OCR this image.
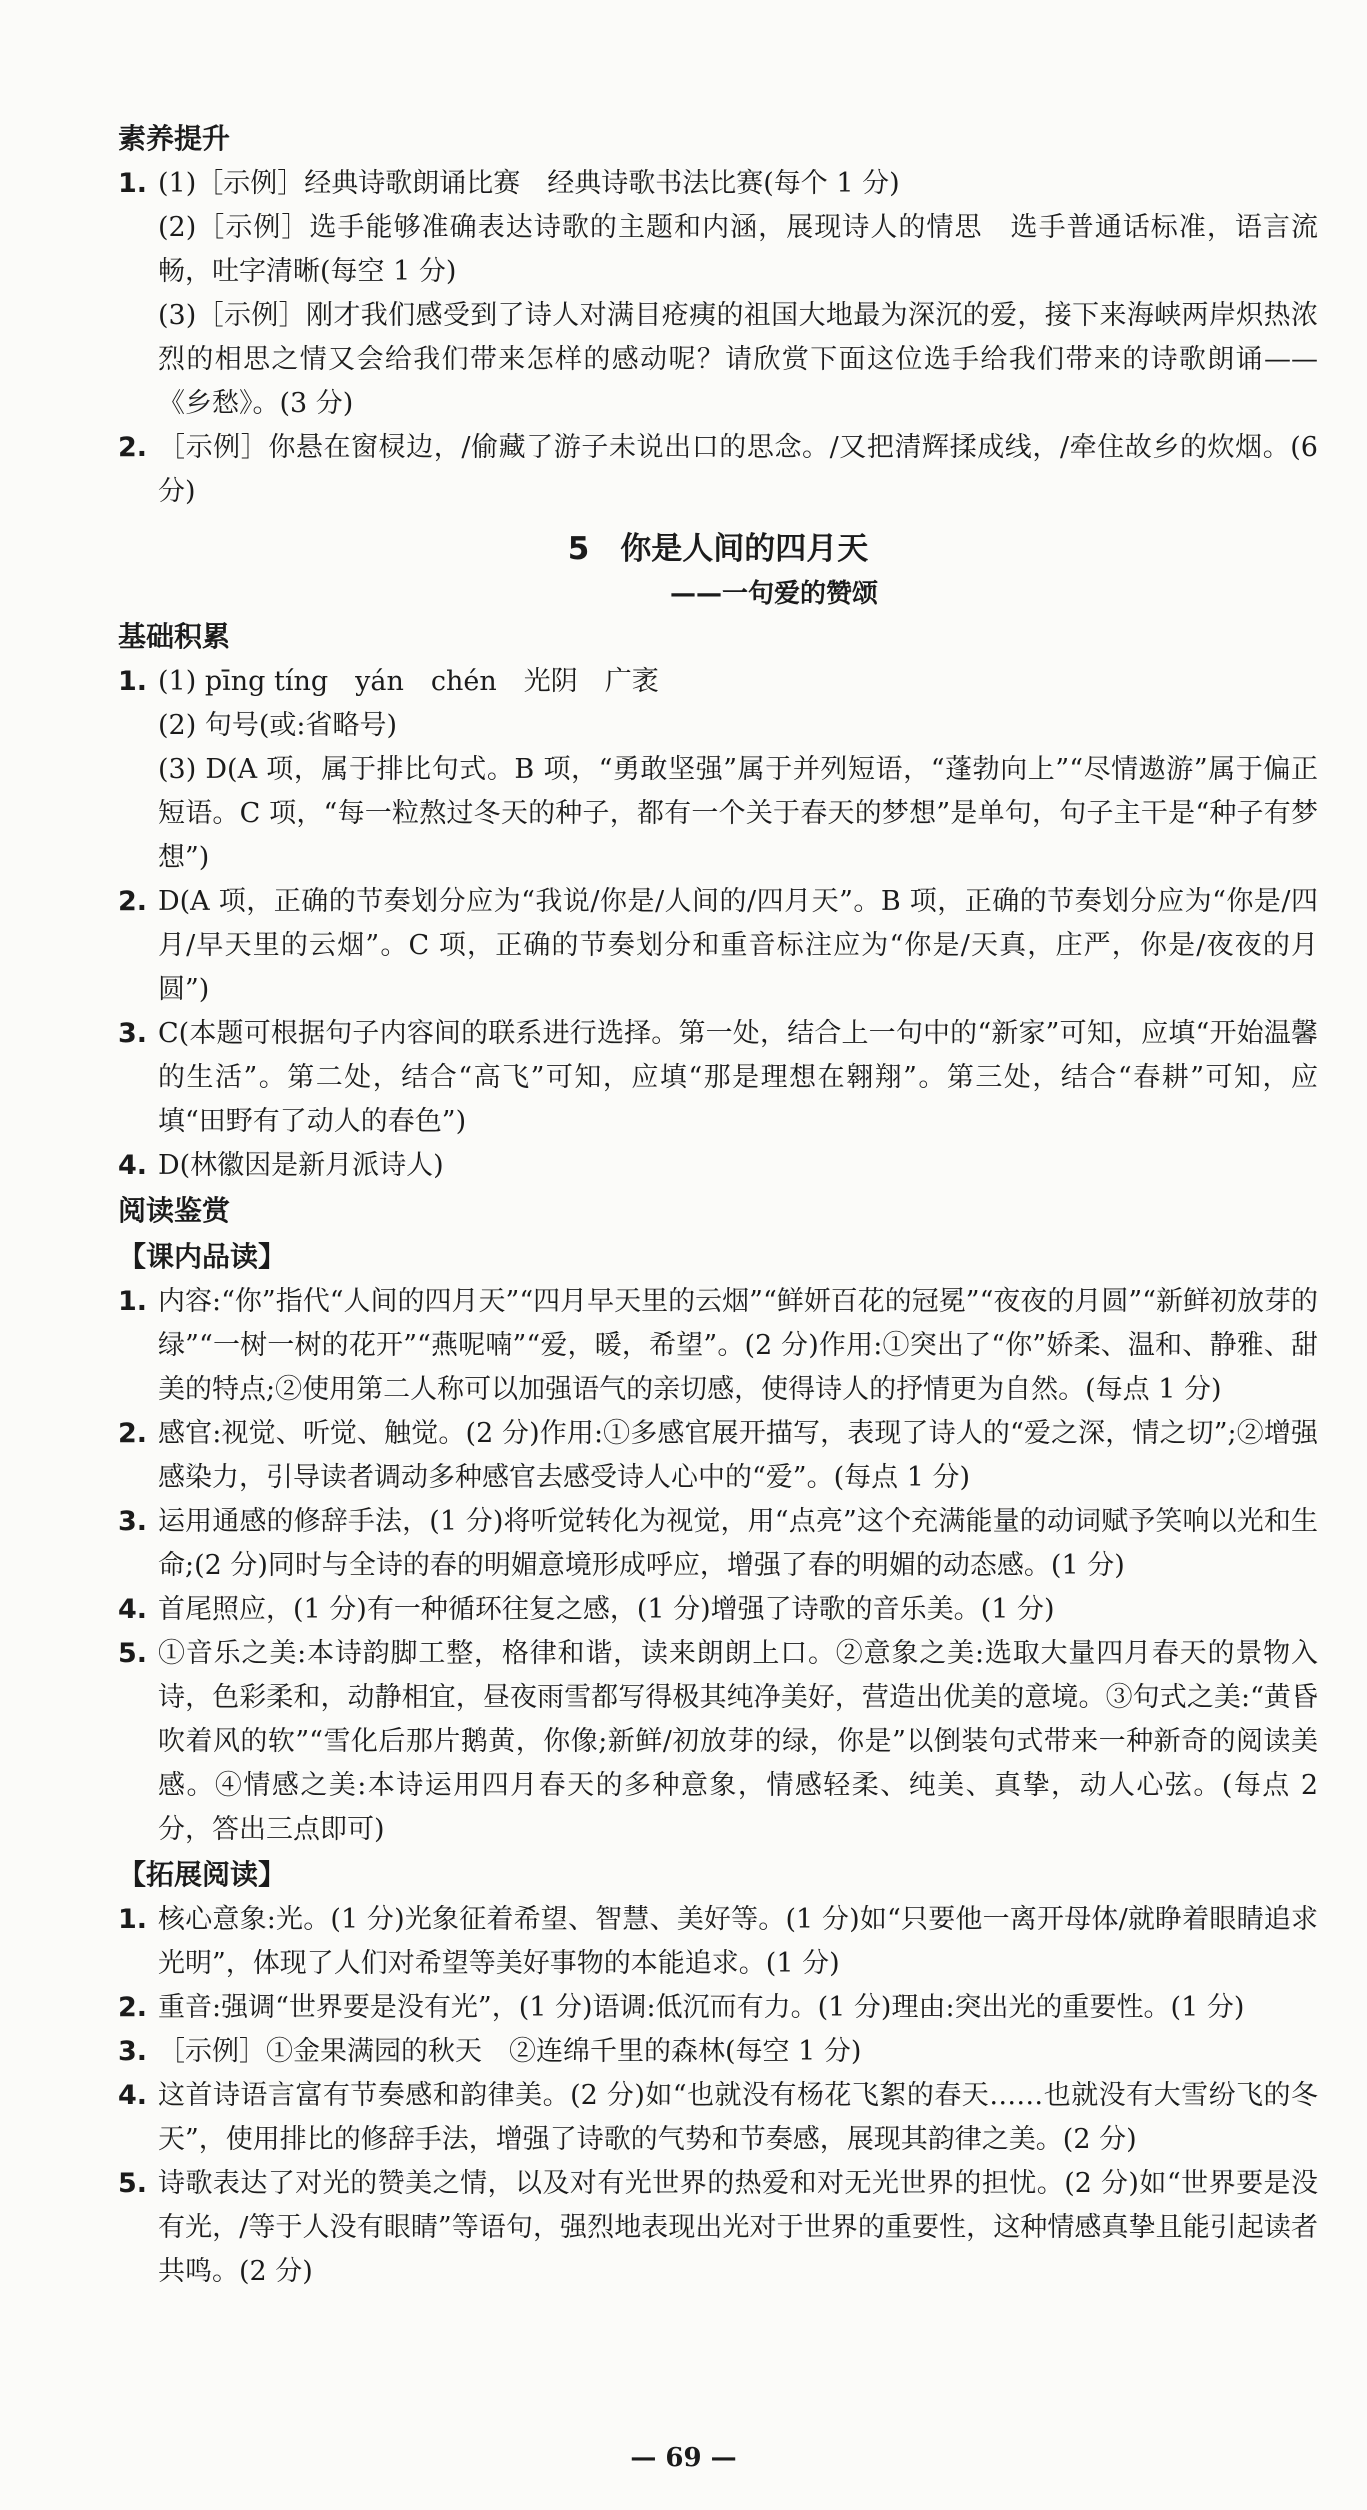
素养提升
1. (1)［示例］经典诗歌朗诵比赛　经典诗歌书法比赛(每个 1 分)
(2)［示例］选手能够准确表达诗歌的主题和内涵，展现诗人的情思　选手普通话标准，语言流畅，吐字清晰(每空 1 分)
(3)［示例］刚才我们感受到了诗人对满目疮痍的祖国大地最为深沉的爱，接下来海峡两岸炽热浓烈的相思之情又会给我们带来怎样的感动呢？请欣赏下面这位选手给我们带来的诗歌朗诵——《乡愁》。(3 分)
2. ［示例］你悬在窗棂边，/偷藏了游子未说出口的思念。/又把清辉揉成线，/牵住故乡的炊烟。(6 分)
5　你是人间的四月天
——一句爱的赞颂
基础积累
1. (1) pīng tíng　yán　chén　光阴　广袤
(2) 句号(或:省略号)
(3) D(A 项，属于排比句式。B 项，“勇敢坚强”属于并列短语，“蓬勃向上”“尽情遨游”属于偏正短语。C 项，“每一粒熬过冬天的种子，都有一个关于春天的梦想”是单句，句子主干是“种子有梦想”)
2. D(A 项，正确的节奏划分应为“我说/你是/人间的/四月天”。B 项，正确的节奏划分应为“你是/四月/早天里的云烟”。C 项，正确的节奏划分和重音标注应为“你是/天真，庄严，你是/夜夜的月圆”)
3. C(本题可根据句子内容间的联系进行选择。第一处，结合上一句中的“新家”可知，应填“开始温馨的生活”。第二处，结合“高飞”可知，应填“那是理想在翱翔”。第三处，结合“春耕”可知，应填“田野有了动人的春色”)
4. D(林徽因是新月派诗人)
阅读鉴赏
【课内品读】
1. 内容:“你”指代“人间的四月天”“四月早天里的云烟”“鲜妍百花的冠冕”“夜夜的月圆”“新鲜初放芽的绿”“一树一树的花开”“燕呢喃”“爱，暖，希望”。(2 分)作用:①突出了“你”娇柔、温和、静雅、甜美的特点;②使用第二人称可以加强语气的亲切感，使得诗人的抒情更为自然。(每点 1 分)
2. 感官:视觉、听觉、触觉。(2 分)作用:①多感官展开描写，表现了诗人的“爱之深，情之切”;②增强感染力，引导读者调动多种感官去感受诗人心中的“爱”。(每点 1 分)
3. 运用通感的修辞手法，(1 分)将听觉转化为视觉，用“点亮”这个充满能量的动词赋予笑响以光和生命;(2 分)同时与全诗的春的明媚意境形成呼应，增强了春的明媚的动态感。(1 分)
4. 首尾照应，(1 分)有一种循环往复之感，(1 分)增强了诗歌的音乐美。(1 分)
5. ①音乐之美:本诗韵脚工整，格律和谐，读来朗朗上口。②意象之美:选取大量四月春天的景物入诗，色彩柔和，动静相宜，昼夜雨雪都写得极其纯净美好，营造出优美的意境。③句式之美:“黄昏吹着风的软”“雪化后那片鹅黄，你像;新鲜/初放芽的绿，你是”以倒装句式带来一种新奇的阅读美感。④情感之美:本诗运用四月春天的多种意象，情感轻柔、纯美、真挚，动人心弦。(每点 2 分，答出三点即可)
【拓展阅读】
1. 核心意象:光。(1 分)光象征着希望、智慧、美好等。(1 分)如“只要他一离开母体/就睁着眼睛追求光明”，体现了人们对希望等美好事物的本能追求。(1 分)
2. 重音:强调“世界要是没有光”，(1 分)语调:低沉而有力。(1 分)理由:突出光的重要性。(1 分)
3. ［示例］①金果满园的秋天　②连绵千里的森林(每空 1 分)
4. 这首诗语言富有节奏感和韵律美。(2 分)如“也就没有杨花飞絮的春天……也就没有大雪纷飞的冬天”，使用排比的修辞手法，增强了诗歌的气势和节奏感，展现其韵律之美。(2 分)
5. 诗歌表达了对光的赞美之情，以及对有光世界的热爱和对无光世界的担忧。(2 分)如“世界要是没有光，/等于人没有眼睛”等语句，强烈地表现出光对于世界的重要性，这种情感真挚且能引起读者共鸣。(2 分)
— 69 —
